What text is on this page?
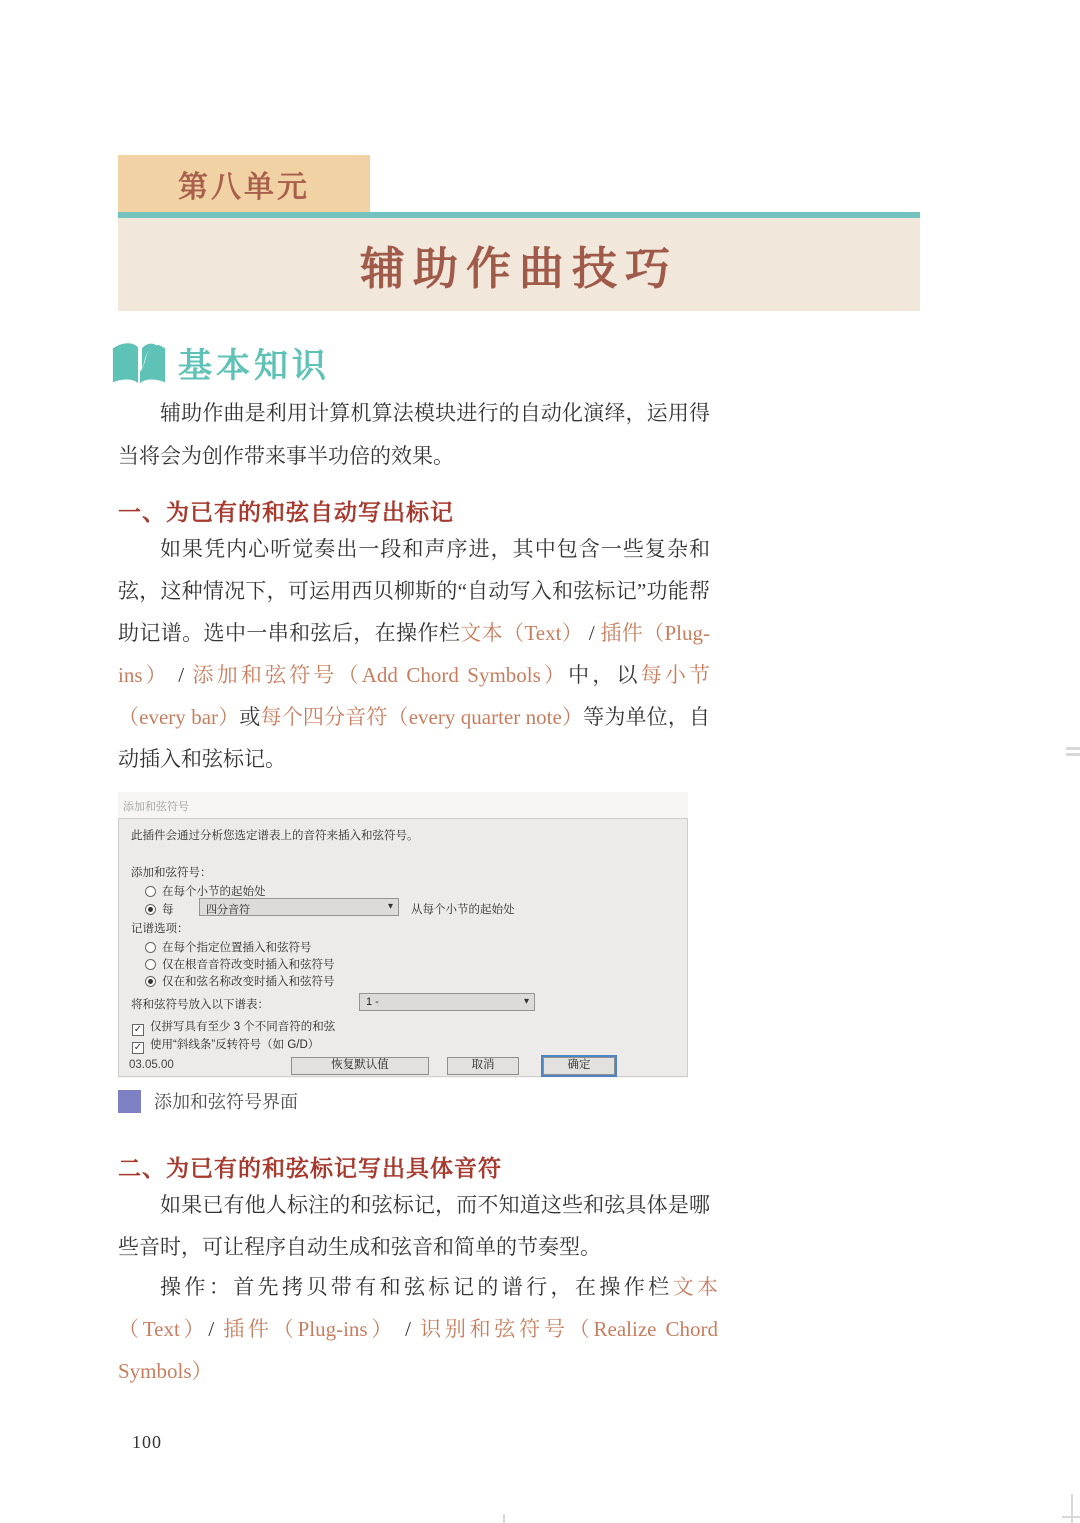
第八单元
辅助作曲技巧
基本知识

辅助作曲是利用计算机算法模块进行的自动化演绎，运用得当将会为创作带来事半功倍的效果。

一、为已有的和弦自动写出标记

如果凭内心听觉奏出一段和声序进，其中包含一些复杂和弦，这种情况下，可运用西贝柳斯的“自动写入和弦标记”功能帮助记谱。选中一串和弦后，在操作栏文本（Text） / 插件（Plug-ins） / 添加和弦符号（Add Chord Symbols）中，以每小节（every bar）或每个四分音符（every quarter note）等为单位，自动插入和弦标记。

添加和弦符号
此插件会通过分析您选定谱表上的音符来插入和弦符号。
添加和弦符号：
在每个小节的起始处
每	四分音符 ▾	从每个小节的起始处
记谱选项：
在每个指定位置插入和弦符号
仅在根音音符改变时插入和弦符号
仅在和弦名称改变时插入和弦符号
将和弦符号放入以下谱表：	1 - ▾
✓ 仅拼写具有至少 3 个不同音符的和弦
✓ 使用“斜线条”反转符号（如 G/D）
03.05.00	恢复默认值	取消	确定
添加和弦符号界面
二、为已有的和弦标记写出具体音符

如果已有他人标注的和弦标记，而不知道这些和弦具体是哪些音时，可让程序自动生成和弦音和简单的节奏型。

操作：首先拷贝带有和弦标记的谱行，在操作栏文本（Text）/ 插件（Plug-ins） / 识别和弦符号（Realize Chord Symbols）

100
